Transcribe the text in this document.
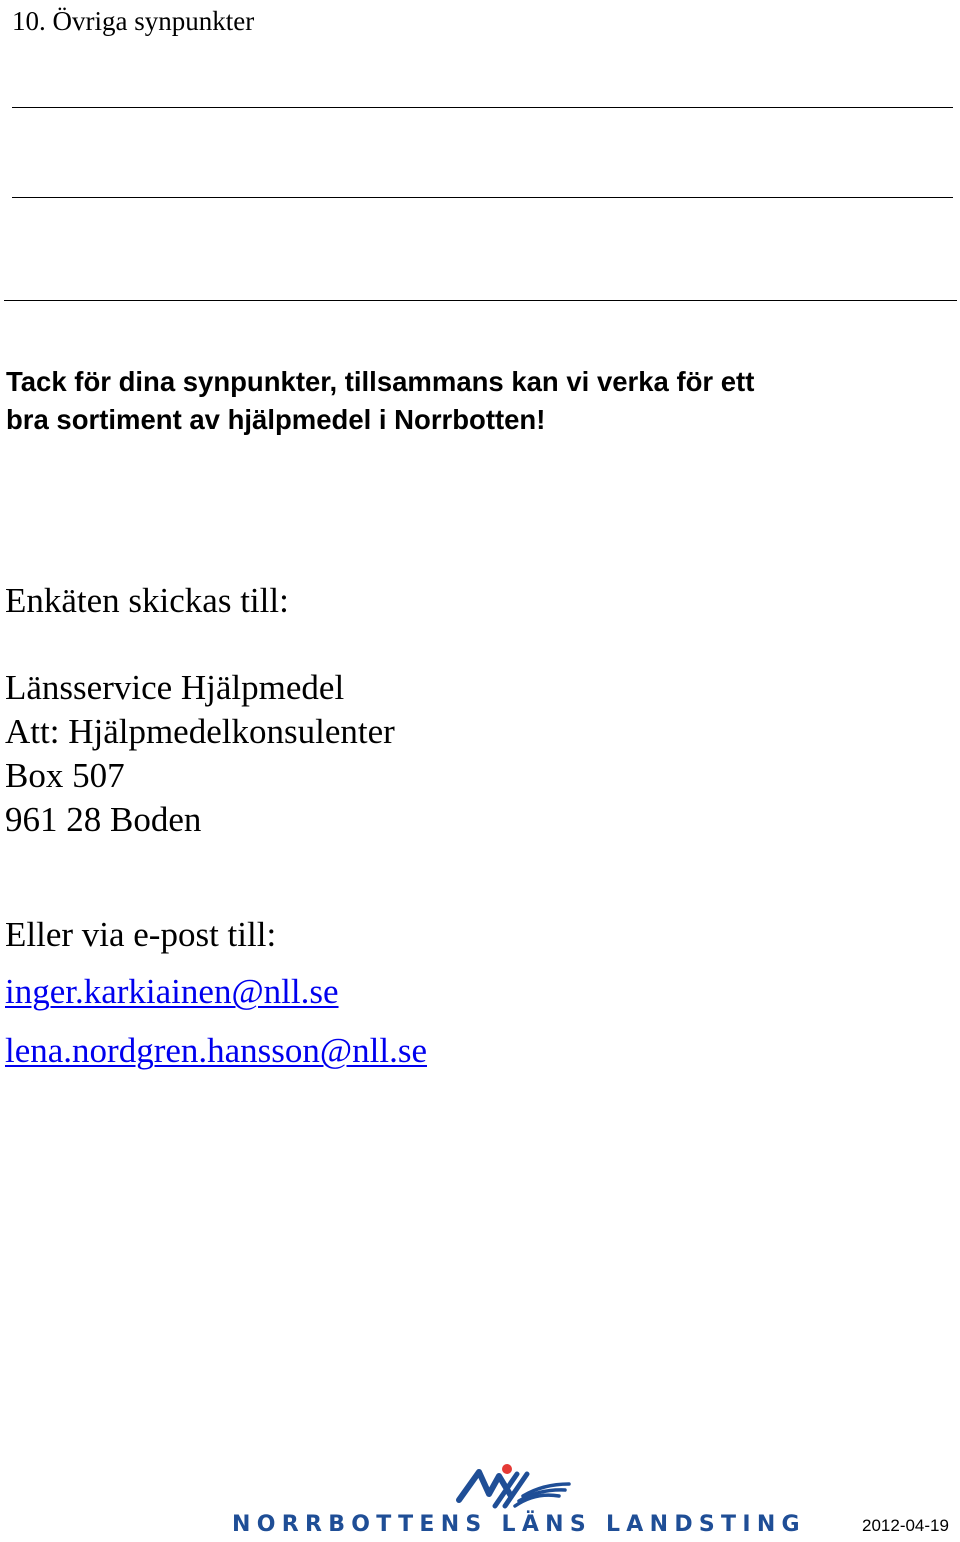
10. Övriga synpunkter
Tack för dina synpunkter, tillsammans kan vi verka för ett
bra sortiment av hjälpmedel i Norrbotten!
Enkäten skickas till:
Länsservice Hjälpmedel
Att: Hjälpmedelkonsulenter
Box 507
961 28 Boden
Eller via e-post till:
inger.karkiainen@nll.se
lena.nordgren.hansson@nll.se
NORRBOTTENS LÄNS LANDSTING	2012-04-19
